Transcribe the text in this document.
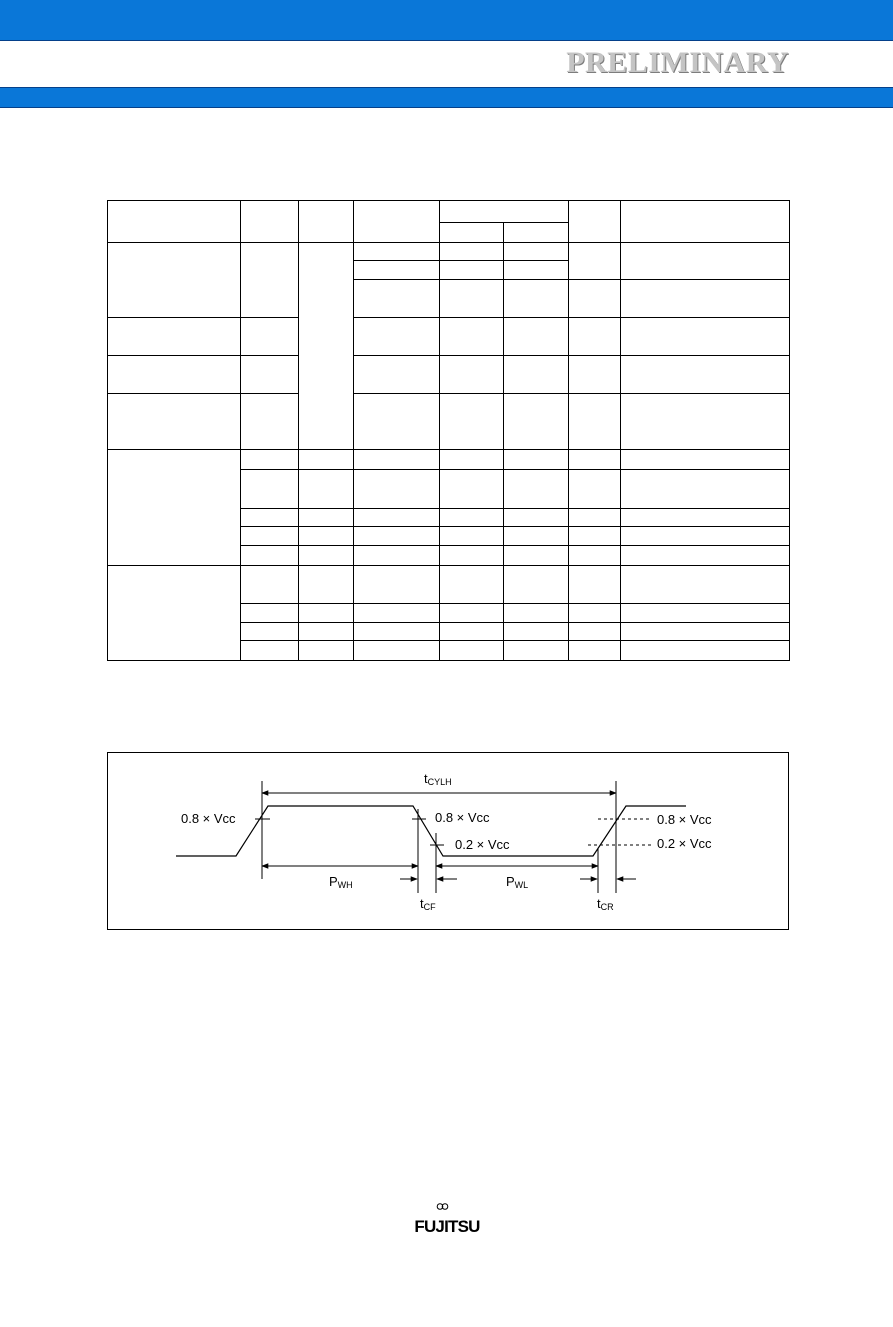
PRELIMINARY

tCYLH
0.8 × Vcc	0.8 × Vcc
0.2 × Vcc
0.8 × Vcc
0.2 × Vcc
PWH	PWL
tCF	tCR
FUJITSU
